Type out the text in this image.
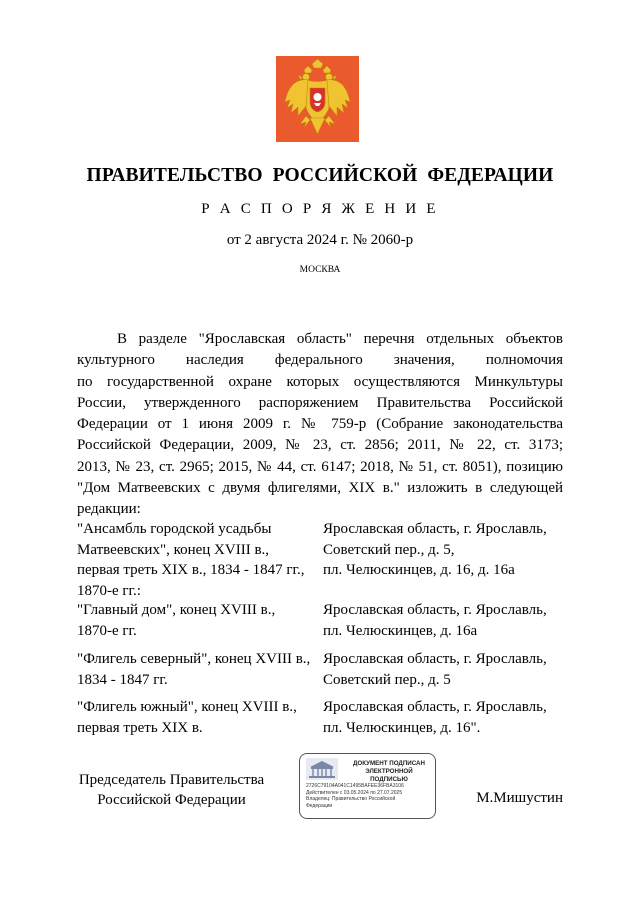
ПРАВИТЕЛЬСТВО РОССИЙСКОЙ ФЕДЕРАЦИИ
Р А С П О Р Я Ж Е Н И Е
от 2 августа 2024 г. № 2060-р
МОСКВА
В разделе "Ярославская область" перечня отдельных объектов
культурного наследия федерального значения, полномочия
по государственной охране которых осуществляются Минкультуры
России, утвержденного распоряжением Правительства Российской
Федерации от 1 июня 2009 г. № 759-р (Собрание законодательства
Российской Федерации, 2009, № 23, ст. 2856; 2011, № 22, ст. 3173;
2013, № 23, ст. 2965; 2015, № 44, ст. 6147; 2018, № 51, ст. 8051), позицию
"Дом Матвеевских с двумя флигелями, XIX в." изложить в следующей
редакции:
"Ансамбль городской усадьбы
Матвеевских", конец XVIII в.,
первая треть XIX в., 1834 - 1847 гг.,
1870-е гг.:
Ярославская область, г. Ярославль,
Советский пер., д. 5,
пл. Челюскинцев, д. 16, д. 16а
"Главный дом", конец XVIII в.,
1870-е гг.
Ярославская область, г. Ярославль,
пл. Челюскинцев, д. 16а
"Флигель северный", конец XVIII в.,
1834 - 1847 гг.
Ярославская область, г. Ярославль,
Советский пер., д. 5
"Флигель южный", конец XVIII в.,
первая треть XIX в.
Ярославская область, г. Ярославль,
пл. Челюскинцев, д. 16".
Председатель Правительства
Российской Федерации
ДОКУМЕНТ ПОДПИСАН
ЭЛЕКТРОННОЙ ПОДПИСЬЮ
2726C79104A041C1495BAFEE36FBA3106
Действителен с 03.05.2024 по 27.07.2025
Владелец: Правительство Российской
Федерации	М.Мишустин
